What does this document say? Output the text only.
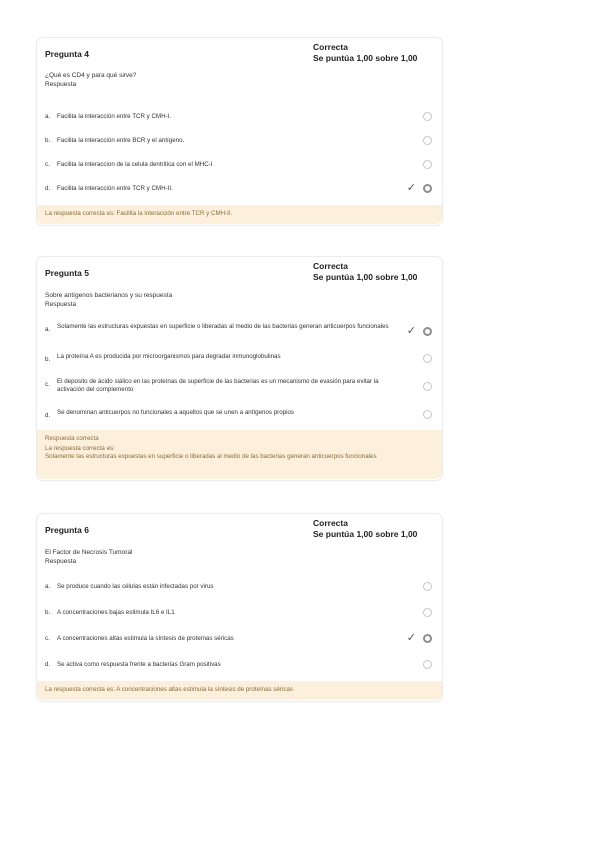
Pregunta 4
Correcta
Se puntúa 1,00 sobre 1,00
¿Qué es CD4 y para qué sirve?
Respuesta
a. Facilita la interacción entre TCR y CMH-I.
b. Facilita la interacción entre BCR y el antígeno.
c. Facilita la interaccion de la celula dentritica con el MHC-I
d. Facilita la interacción entre TCR y CMH-II.	✓
La respuesta correcta es: Facilita la interacción entre TCR y CMH-II.
Pregunta 5
Correcta
Se puntúa 1,00 sobre 1,00
Sobre antígenos bacterianos y su respuesta
Respuesta
a. Solamente las estructuras expuestas en superficie o liberadas al medio de las bacterias generan anticuerpos funcionales	✓
b. La proteína A es producida por microorganismos para degradar inmunoglobulinas
c. El deposito de ácido siálico en las proteínas de superficie de las bacterias es un mecanismo de evasión para evitar la activación del complemento
d. Se denominan anticuerpos no funcionales a aquellos que se unen a antígenos propios
Respuesta correcta
La respuesta correcta es:
Solamente las estructuras expuestas en superficie o liberadas al medio de las bacterias generan anticuerpos funcionales
Pregunta 6
Correcta
Se puntúa 1,00 sobre 1,00
El Factor de Necrosis Tumoral
Respuesta
a. Se produce cuando las células están infectadas por virus
b. A concentraciones bajas estimula IL6 e IL1
c. A concentraciones altas estimula la síntesis de proteínas séricas	✓
d. Se activa como respuesta frente a bacterias Gram positivas
La respuesta correcta es: A concentraciones altas estimula la síntesis de proteínas séricas
